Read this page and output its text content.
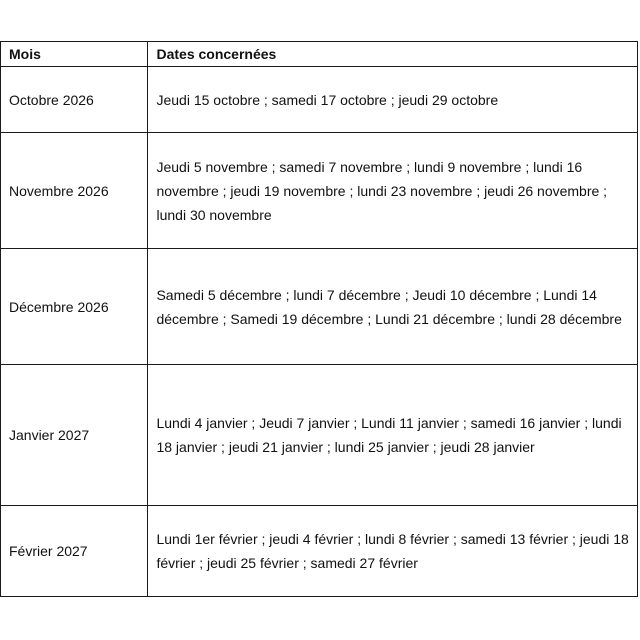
Mois	Dates concernées
Octobre 2026	Jeudi 15 octobre ; samedi 17 octobre ; jeudi 29 octobre
Novembre 2026	Jeudi 5 novembre ; samedi 7 novembre ; lundi 9 novembre ; lundi 16 novembre ; jeudi 19 novembre ; lundi 23 novembre ; jeudi 26 novembre ; lundi 30 novembre
Décembre 2026	Samedi 5 décembre ; lundi 7 décembre ; Jeudi 10 décembre ; Lundi 14 décembre ; Samedi 19 décembre ; Lundi 21 décembre ; lundi 28 décembre
Janvier 2027	Lundi 4 janvier ; Jeudi 7 janvier ; Lundi 11 janvier ; samedi 16 janvier ; lundi 18 janvier ; jeudi 21 janvier ; lundi 25 janvier ; jeudi 28 janvier
Février 2027	Lundi 1er février ; jeudi 4 février ; lundi 8 février ; samedi 13 février ; jeudi 18 février ; jeudi 25 février ; samedi 27 février
